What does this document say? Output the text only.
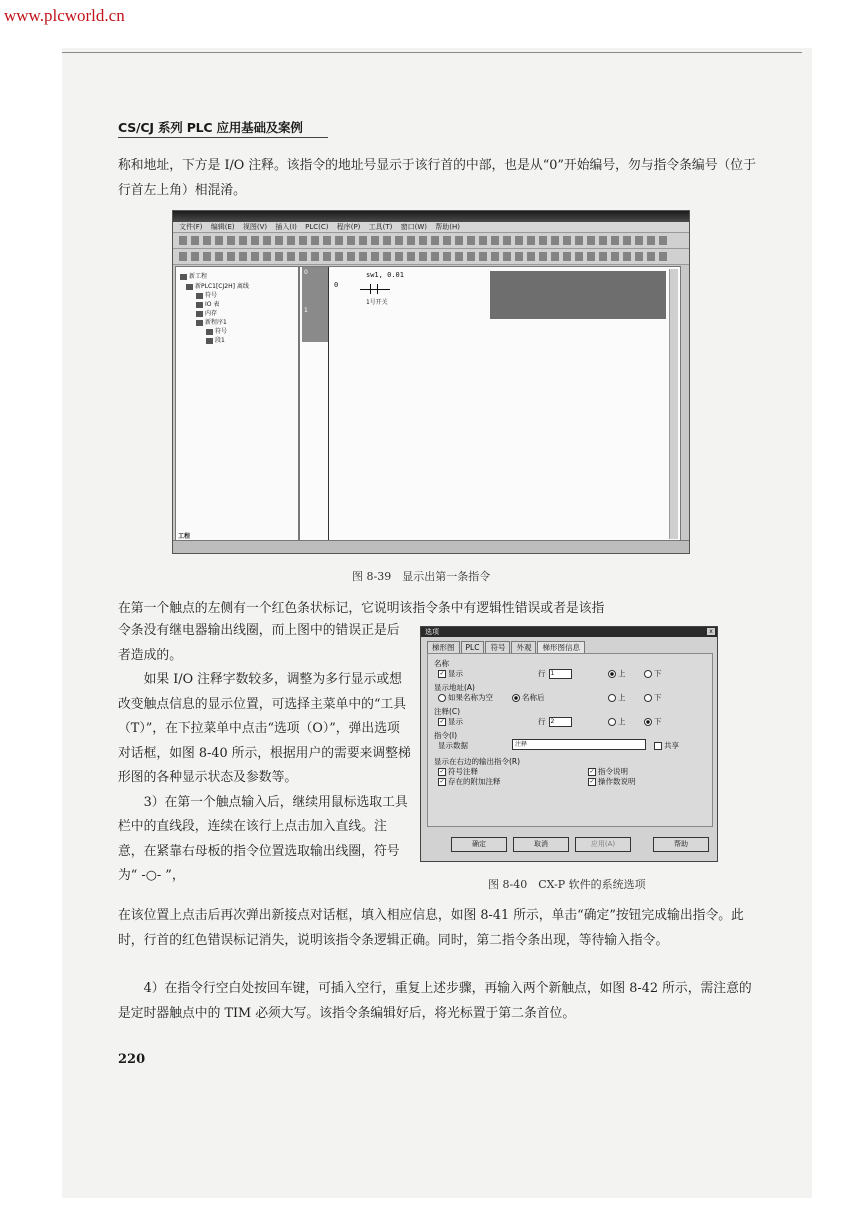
www.plcworld.cn
CS/CJ 系列 PLC 应用基础及案例
称和地址，下方是 I/O 注释。该指令的地址号显示于该行首的中部，也是从“0”开始编号，勿与指令条编号（位于行首左上角）相混淆。
文件(F) 编辑(E) 视图(V) 插入(I) PLC(C) 程序(P) 工具(T) 窗口(W) 帮助(H)
新工程
新PLC1[CJ2H] 离线
符号
IO 表
内存
新程序1
符号
段1
工程
0
1
0
sw1, 0.01
1号开关
图 8-39　显示出第一条指令
在第一个触点的左侧有一个红色条状标记，它说明该指令条中有逻辑性错误或者是该指
令条没有继电器输出线圈，而上图中的错误正是后者造成的。
　　如果 I/O 注释字数较多，调整为多行显示或想改变触点信息的显示位置，可选择主菜单中的“工具（T）”，在下拉菜单中点击“选项（O）”，弹出选项对话框，如图 8-40 所示，根据用户的需要来调整梯形图的各种显示状态及参数等。
　　3）在第一个触点输入后，继续用鼠标选取工具栏中的直线段，连续在该行上点击加入直线。注意，在紧靠右母板的指令位置选取输出线圈，符号为“ -○- ”，
选项	x
梯形图 PLC 符号 外观 梯形图信息
名称
✓ 显示	行 1	上	下
显示地址(A)
如果名称为空	名称后	上	下
注释(C)
✓ 显示	行 2	上	下
指令(I)
显示数据	注释	共享
显示在右边的输出指令(R)
✓ 符号注释
✓ 存在的附加注释
✓ 指令说明
✓ 操作数说明
确定	取消	应用(A)	帮助
图 8-40　CX-P 软件的系统选项
在该位置上点击后再次弹出新接点对话框，填入相应信息，如图 8-41 所示，单击“确定”按钮完成输出指令。此时，行首的红色错误标记消失，说明该指令条逻辑正确。同时，第二指令条出现，等待输入指令。
　　4）在指令行空白处按回车键，可插入空行，重复上述步骤，再输入两个新触点，如图 8-42 所示，需注意的是定时器触点中的 TIM 必须大写。该指令条编辑好后，将光标置于第二条首位。
220
